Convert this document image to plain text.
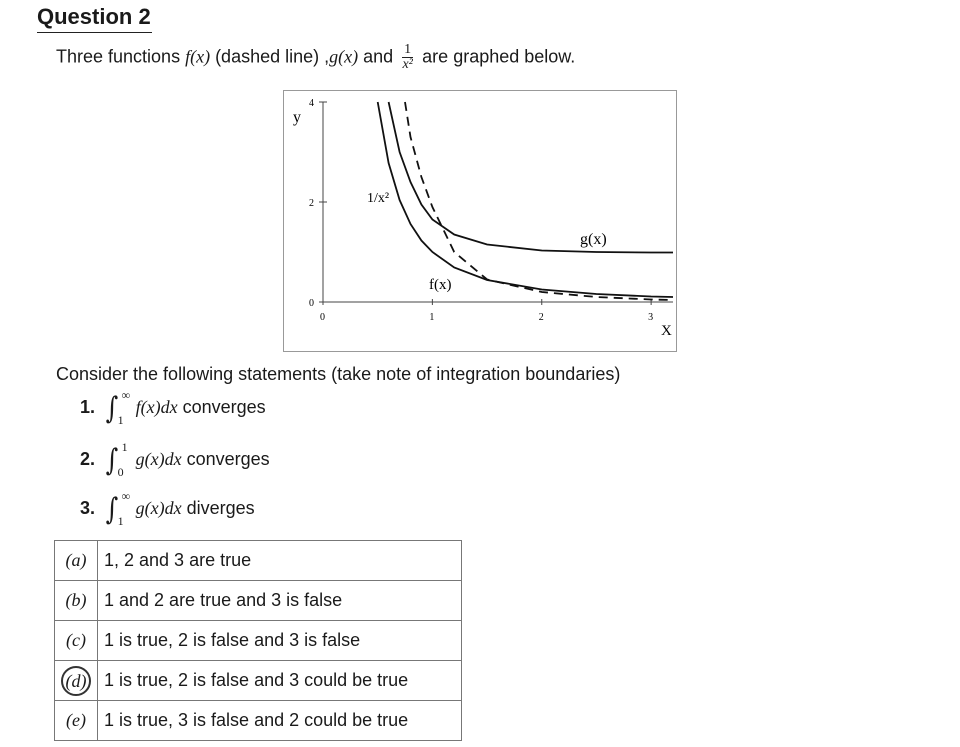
Question 2
Three functions f(x) (dashed line) ,g(x) and $\frac{1}{\text{x²}}$ are graphed below.
0
2
4
0	1	2	3
y
X
1/x²
g(x)
f(x)
Consider the following statements (take note of integration boundaries)
1. ∫ ∞
1
f(x)dx converges
2. ∫ 1
0
g(x)dx converges
3. ∫ ∞
1
g(x)dx diverges
(a)	1, 2 and 3 are true
(b)	1 and 2 are true and 3 is false
(c)	1 is true, 2 is false and 3 is false
(d)	1 is true, 2 is false and 3 could be true
(e)	1 is true, 3 is false and 2 could be true
